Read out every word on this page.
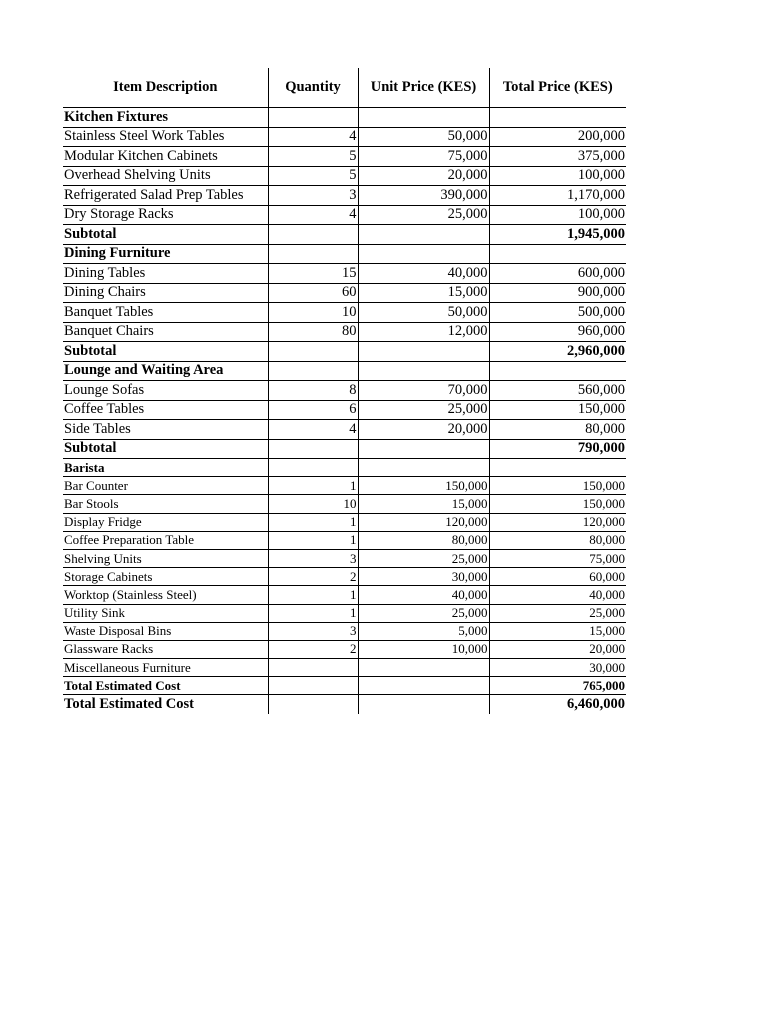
Item Description	Quantity	Unit Price (KES)	Total Price (KES)
Kitchen Fixtures			
Stainless Steel Work Tables	4	50,000	200,000
Modular Kitchen Cabinets	5	75,000	375,000
Overhead Shelving Units	5	20,000	100,000
Refrigerated Salad Prep Tables	3	390,000	1,170,000
Dry Storage Racks	4	25,000	100,000
Subtotal			1,945,000
Dining Furniture			
Dining Tables	15	40,000	600,000
Dining Chairs	60	15,000	900,000
Banquet Tables	10	50,000	500,000
Banquet Chairs	80	12,000	960,000
Subtotal			2,960,000
Lounge and Waiting Area			
Lounge Sofas	8	70,000	560,000
Coffee Tables	6	25,000	150,000
Side Tables	4	20,000	80,000
Subtotal			790,000
Barista			
Bar Counter	1	150,000	150,000
Bar Stools	10	15,000	150,000
Display Fridge	1	120,000	120,000
Coffee Preparation Table	1	80,000	80,000
Shelving Units	3	25,000	75,000
Storage Cabinets	2	30,000	60,000
Worktop (Stainless Steel)	1	40,000	40,000
Utility Sink	1	25,000	25,000
Waste Disposal Bins	3	5,000	15,000
Glassware Racks	2	10,000	20,000
Miscellaneous Furniture			30,000
Total Estimated Cost			765,000
Total Estimated Cost			6,460,000
